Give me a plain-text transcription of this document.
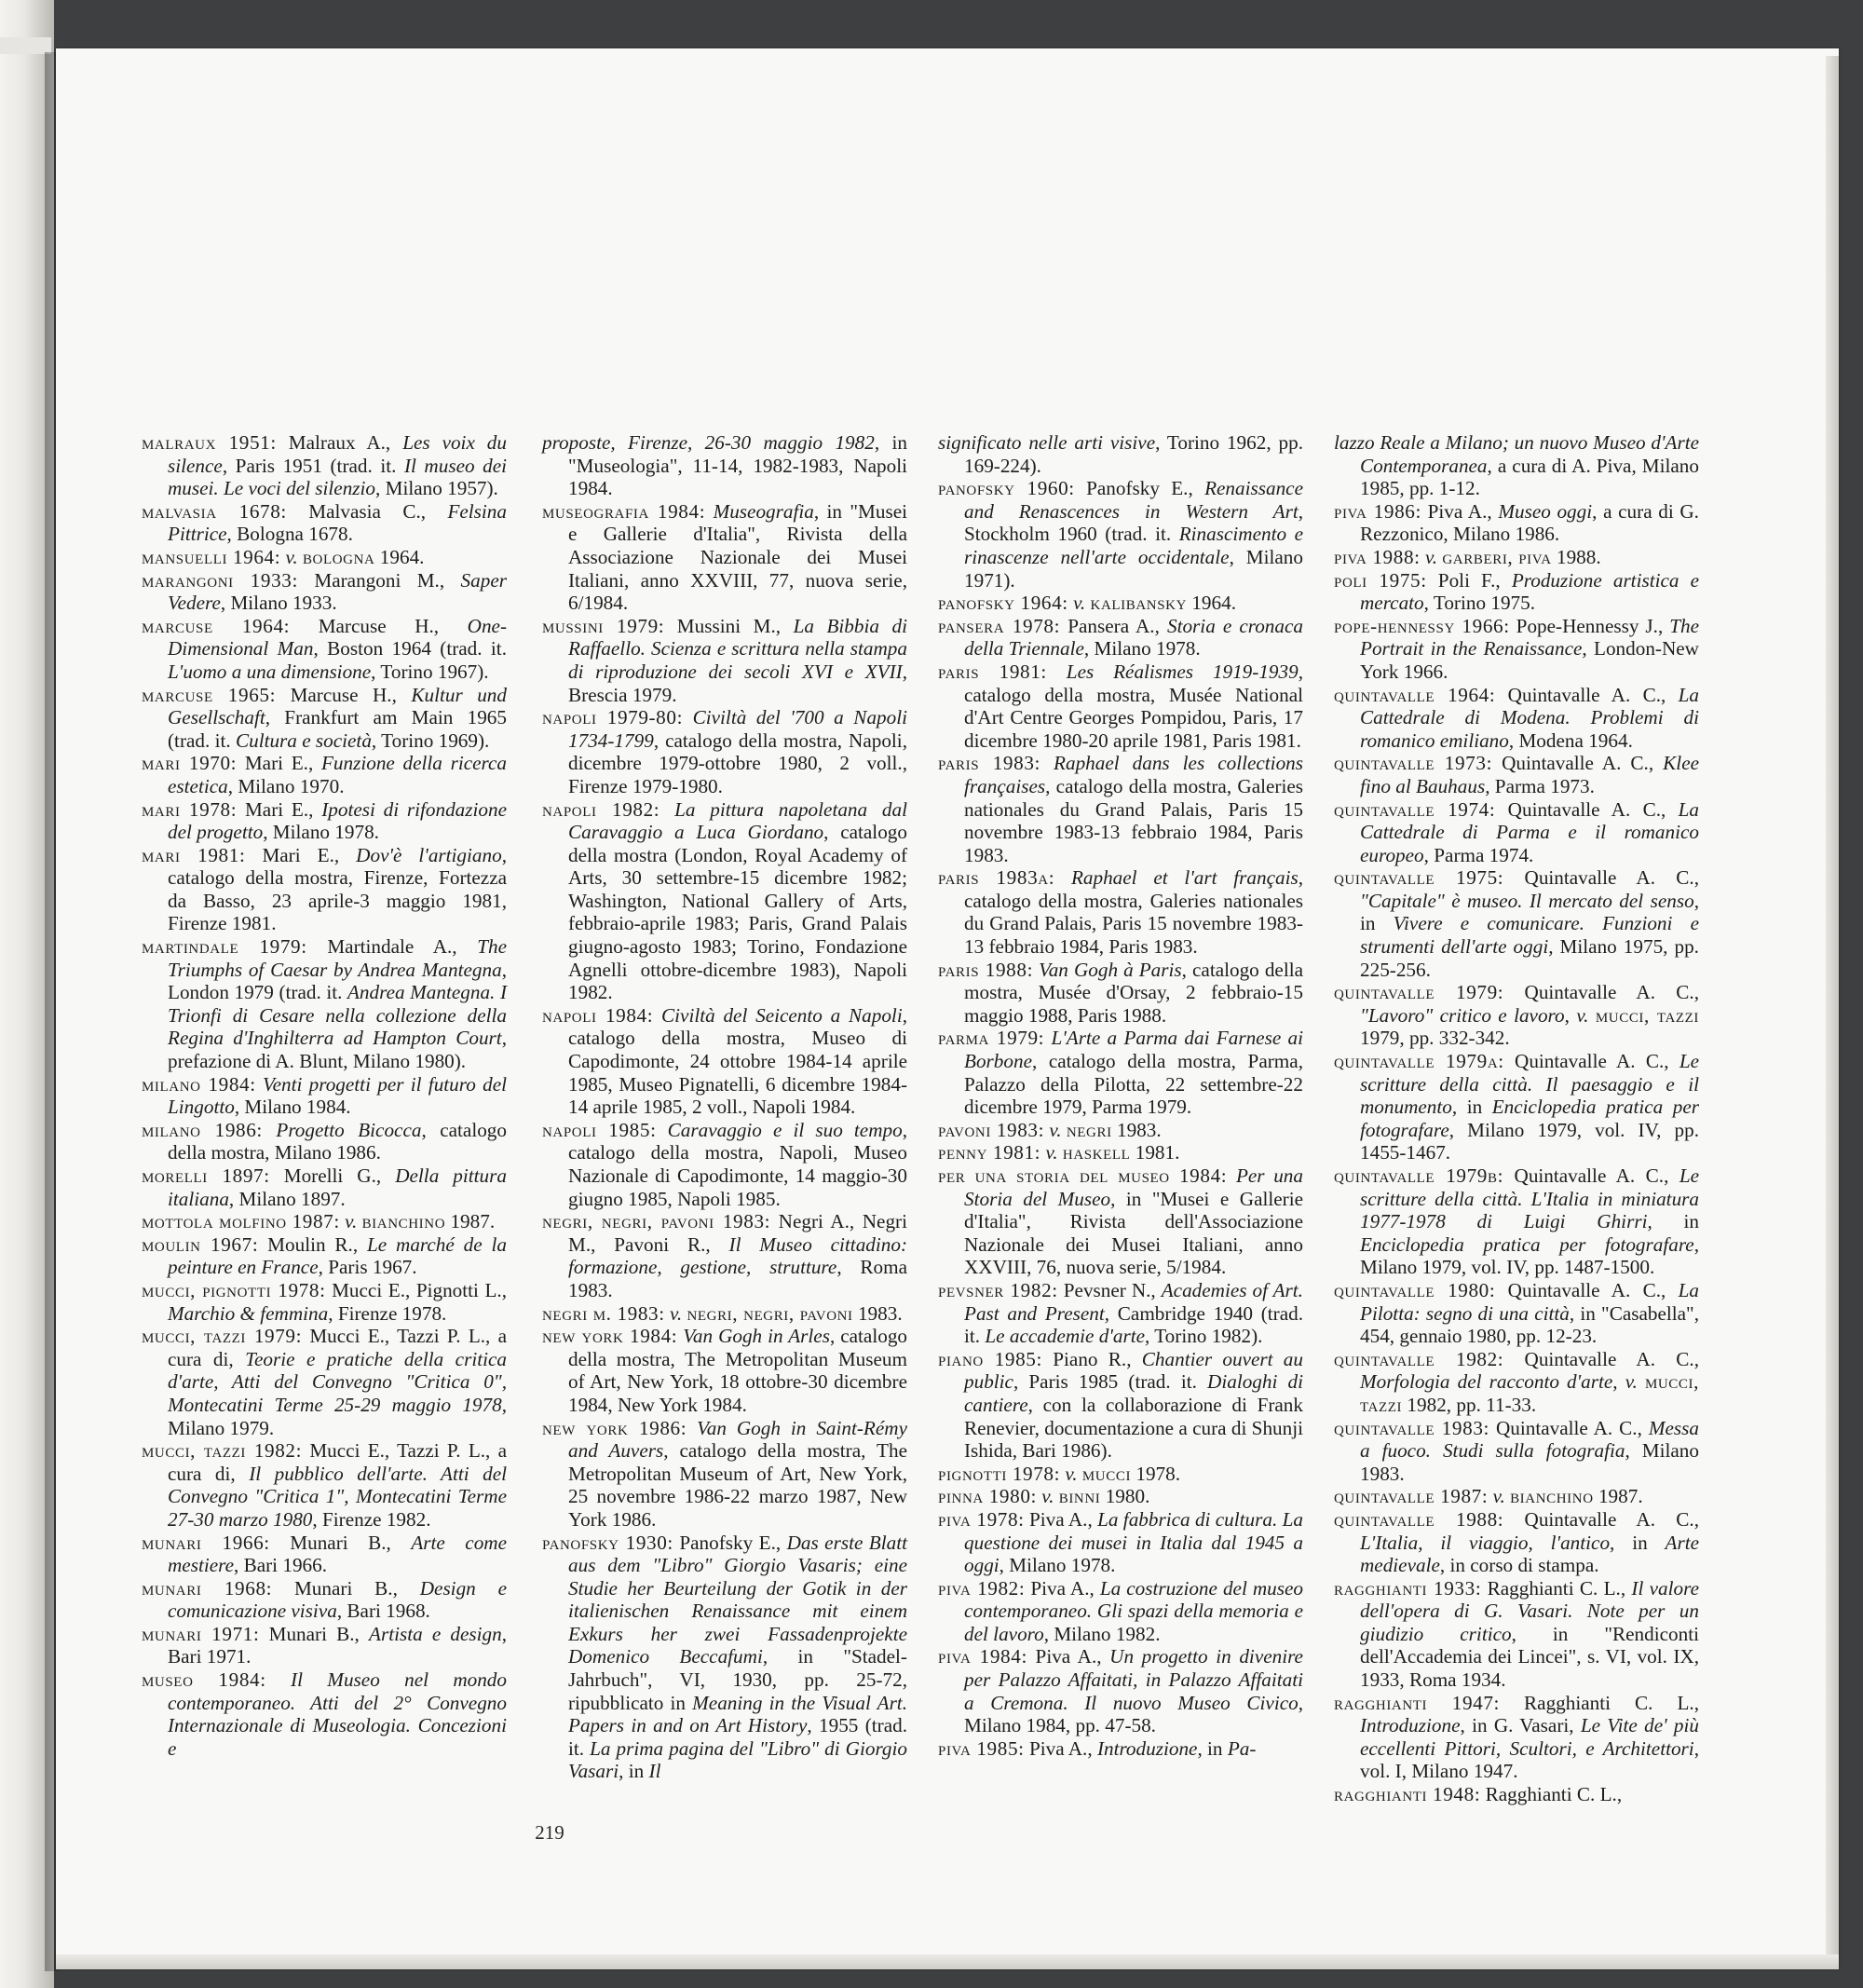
malraux 1951: Malraux A., Les voix du silence, Paris 1951 (trad. it. Il museo dei musei. Le voci del silenzio, Milano 1957).

malvasia 1678: Malvasia C., Felsina Pittrice, Bologna 1678.

mansuelli 1964: v. bologna 1964.

marangoni 1933: Marangoni M., Saper Vedere, Milano 1933.

marcuse 1964: Marcuse H., One-Dimensional Man, Boston 1964 (trad. it. L'uomo a una dimensione, Torino 1967).

marcuse 1965: Marcuse H., Kultur und Gesellschaft, Frankfurt am Main 1965 (trad. it. Cultura e società, Torino 1969).

mari 1970: Mari E., Funzione della ricerca estetica, Milano 1970.

mari 1978: Mari E., Ipotesi di rifondazione del progetto, Milano 1978.

mari 1981: Mari E., Dov'è l'artigiano, catalogo della mostra, Firenze, Fortezza da Basso, 23 aprile-3 maggio 1981, Firenze 1981.

martindale 1979: Martindale A., The Triumphs of Caesar by Andrea Mantegna, London 1979 (trad. it. Andrea Mantegna. I Trionfi di Cesare nella collezione della Regina d'Inghilterra ad Hampton Court, prefazione di A. Blunt, Milano 1980).

milano 1984: Venti progetti per il futuro del Lingotto, Milano 1984.

milano 1986: Progetto Bicocca, catalogo della mostra, Milano 1986.

morelli 1897: Morelli G., Della pittura italiana, Milano 1897.

mottola molfino 1987: v. bianchino 1987.

moulin 1967: Moulin R., Le marché de la peinture en France, Paris 1967.

mucci, pignotti 1978: Mucci E., Pignotti L., Marchio & femmina, Firenze 1978.

mucci, tazzi 1979: Mucci E., Tazzi P. L., a cura di, Teorie e pratiche della critica d'arte, Atti del Convegno "Critica 0", Montecatini Terme 25-29 maggio 1978, Milano 1979.

mucci, tazzi 1982: Mucci E., Tazzi P. L., a cura di, Il pubblico dell'arte. Atti del Convegno "Critica 1", Montecatini Terme 27-30 marzo 1980, Firenze 1982.

munari 1966: Munari B., Arte come mestiere, Bari 1966.

munari 1968: Munari B., Design e comunicazione visiva, Bari 1968.

munari 1971: Munari B., Artista e design, Bari 1971.

museo 1984: Il Museo nel mondo contemporaneo. Atti del 2° Convegno Internazionale di Museologia. Concezioni e

proposte, Firenze, 26-30 maggio 1982, in "Museologia", 11-14, 1982-1983, Napoli 1984.

museografia 1984: Museografia, in "Musei e Gallerie d'Italia", Rivista della Associazione Nazionale dei Musei Italiani, anno XXVIII, 77, nuova serie, 6/1984.

mussini 1979: Mussini M., La Bibbia di Raffaello. Scienza e scrittura nella stampa di riproduzione dei secoli XVI e XVII, Brescia 1979.

napoli 1979-80: Civiltà del '700 a Napoli 1734-1799, catalogo della mostra, Napoli, dicembre 1979-ottobre 1980, 2 voll., Firenze 1979-1980.

napoli 1982: La pittura napoletana dal Caravaggio a Luca Giordano, catalogo della mostra (London, Royal Academy of Arts, 30 settembre-15 dicembre 1982; Washington, National Gallery of Arts, febbraio-aprile 1983; Paris, Grand Palais giugno-agosto 1983; Torino, Fondazione Agnelli ottobre-dicembre 1983), Napoli 1982.

napoli 1984: Civiltà del Seicento a Napoli, catalogo della mostra, Museo di Capodimonte, 24 ottobre 1984-14 aprile 1985, Museo Pignatelli, 6 dicembre 1984-14 aprile 1985, 2 voll., Napoli 1984.

napoli 1985: Caravaggio e il suo tempo, catalogo della mostra, Napoli, Museo Nazionale di Capodimonte, 14 maggio-30 giugno 1985, Napoli 1985.

negri, negri, pavoni 1983: Negri A., Negri M., Pavoni R., Il Museo cittadino: formazione, gestione, strutture, Roma 1983.

negri m. 1983: v. negri, negri, pavoni 1983.

new york 1984: Van Gogh in Arles, catalogo della mostra, The Metropolitan Museum of Art, New York, 18 ottobre-30 dicembre 1984, New York 1984.

new york 1986: Van Gogh in Saint-Rémy and Auvers, catalogo della mostra, The Metropolitan Museum of Art, New York, 25 novembre 1986-22 marzo 1987, New York 1986.

panofsky 1930: Panofsky E., Das erste Blatt aus dem "Libro" Giorgio Vasaris; eine Studie her Beurteilung der Gotik in der italienischen Renaissance mit einem Exkurs her zwei Fassadenprojekte Domenico Beccafumi, in "Stadel-Jahrbuch", VI, 1930, pp. 25-72, ripubblicato in Meaning in the Visual Art. Papers in and on Art History, 1955 (trad. it. La prima pagina del "Libro" di Giorgio Vasari, in Il

significato nelle arti visive, Torino 1962, pp. 169-224).

panofsky 1960: Panofsky E., Renaissance and Renascences in Western Art, Stockholm 1960 (trad. it. Rinascimento e rinascenze nell'arte occidentale, Milano 1971).

panofsky 1964: v. kalibansky 1964.

pansera 1978: Pansera A., Storia e cronaca della Triennale, Milano 1978.

paris 1981: Les Réalismes 1919-1939, catalogo della mostra, Musée National d'Art Centre Georges Pompidou, Paris, 17 dicembre 1980-20 aprile 1981, Paris 1981.

paris 1983: Raphael dans les collections françaises, catalogo della mostra, Galeries nationales du Grand Palais, Paris 15 novembre 1983-13 febbraio 1984, Paris 1983.

paris 1983a: Raphael et l'art français, catalogo della mostra, Galeries nationales du Grand Palais, Paris 15 novembre 1983-13 febbraio 1984, Paris 1983.

paris 1988: Van Gogh à Paris, catalogo della mostra, Musée d'Orsay, 2 febbraio-15 maggio 1988, Paris 1988.

parma 1979: L'Arte a Parma dai Farnese ai Borbone, catalogo della mostra, Parma, Palazzo della Pilotta, 22 settembre-22 dicembre 1979, Parma 1979.

pavoni 1983: v. negri 1983.

penny 1981: v. haskell 1981.

per una storia del museo 1984: Per una Storia del Museo, in "Musei e Gallerie d'Italia", Rivista dell'Associazione Nazionale dei Musei Italiani, anno XXVIII, 76, nuova serie, 5/1984.

pevsner 1982: Pevsner N., Academies of Art. Past and Present, Cambridge 1940 (trad. it. Le accademie d'arte, Torino 1982).

piano 1985: Piano R., Chantier ouvert au public, Paris 1985 (trad. it. Dialoghi di cantiere, con la collaborazione di Frank Renevier, documentazione a cura di Shunji Ishida, Bari 1986).

pignotti 1978: v. mucci 1978.

pinna 1980: v. binni 1980.

piva 1978: Piva A., La fabbrica di cultura. La questione dei musei in Italia dal 1945 a oggi, Milano 1978.

piva 1982: Piva A., La costruzione del museo contemporaneo. Gli spazi della memoria e del lavoro, Milano 1982.

piva 1984: Piva A., Un progetto in divenire per Palazzo Affaitati, in Palazzo Affaitati a Cremona. Il nuovo Museo Civico, Milano 1984, pp. 47-58.

piva 1985: Piva A., Introduzione, in Pa-

lazzo Reale a Milano; un nuovo Museo d'Arte Contemporanea, a cura di A. Piva, Milano 1985, pp. 1-12.

piva 1986: Piva A., Museo oggi, a cura di G. Rezzonico, Milano 1986.

piva 1988: v. garberi, piva 1988.

poli 1975: Poli F., Produzione artistica e mercato, Torino 1975.

pope-hennessy 1966: Pope-Hennessy J., The Portrait in the Renaissance, London-New York 1966.

quintavalle 1964: Quintavalle A. C., La Cattedrale di Modena. Problemi di romanico emiliano, Modena 1964.

quintavalle 1973: Quintavalle A. C., Klee fino al Bauhaus, Parma 1973.

quintavalle 1974: Quintavalle A. C., La Cattedrale di Parma e il romanico europeo, Parma 1974.

quintavalle 1975: Quintavalle A. C., "Capitale" è museo. Il mercato del senso, in Vivere e comunicare. Funzioni e strumenti dell'arte oggi, Milano 1975, pp. 225-256.

quintavalle 1979: Quintavalle A. C., "Lavoro" critico e lavoro, v. mucci, tazzi 1979, pp. 332-342.

quintavalle 1979a: Quintavalle A. C., Le scritture della città. Il paesaggio e il monumento, in Enciclopedia pratica per fotografare, Milano 1979, vol. IV, pp. 1455-1467.

quintavalle 1979b: Quintavalle A. C., Le scritture della città. L'Italia in miniatura 1977-1978 di Luigi Ghirri, in Enciclopedia pratica per fotografare, Milano 1979, vol. IV, pp. 1487-1500.

quintavalle 1980: Quintavalle A. C., La Pilotta: segno di una città, in "Casabella", 454, gennaio 1980, pp. 12-23.

quintavalle 1982: Quintavalle A. C., Morfologia del racconto d'arte, v. mucci, tazzi 1982, pp. 11-33.

quintavalle 1983: Quintavalle A. C., Messa a fuoco. Studi sulla fotografia, Milano 1983.

quintavalle 1987: v. bianchino 1987.

quintavalle 1988: Quintavalle A. C., L'Italia, il viaggio, l'antico, in Arte medievale, in corso di stampa.

ragghianti 1933: Ragghianti C. L., Il valore dell'opera di G. Vasari. Note per un giudizio critico, in "Rendiconti dell'Accademia dei Lincei", s. VI, vol. IX, 1933, Roma 1934.

ragghianti 1947: Ragghianti C. L., Introduzione, in G. Vasari, Le Vite de' più eccellenti Pittori, Scultori, e Architettori, vol. I, Milano 1947.

ragghianti 1948: Ragghianti C. L.,

219
